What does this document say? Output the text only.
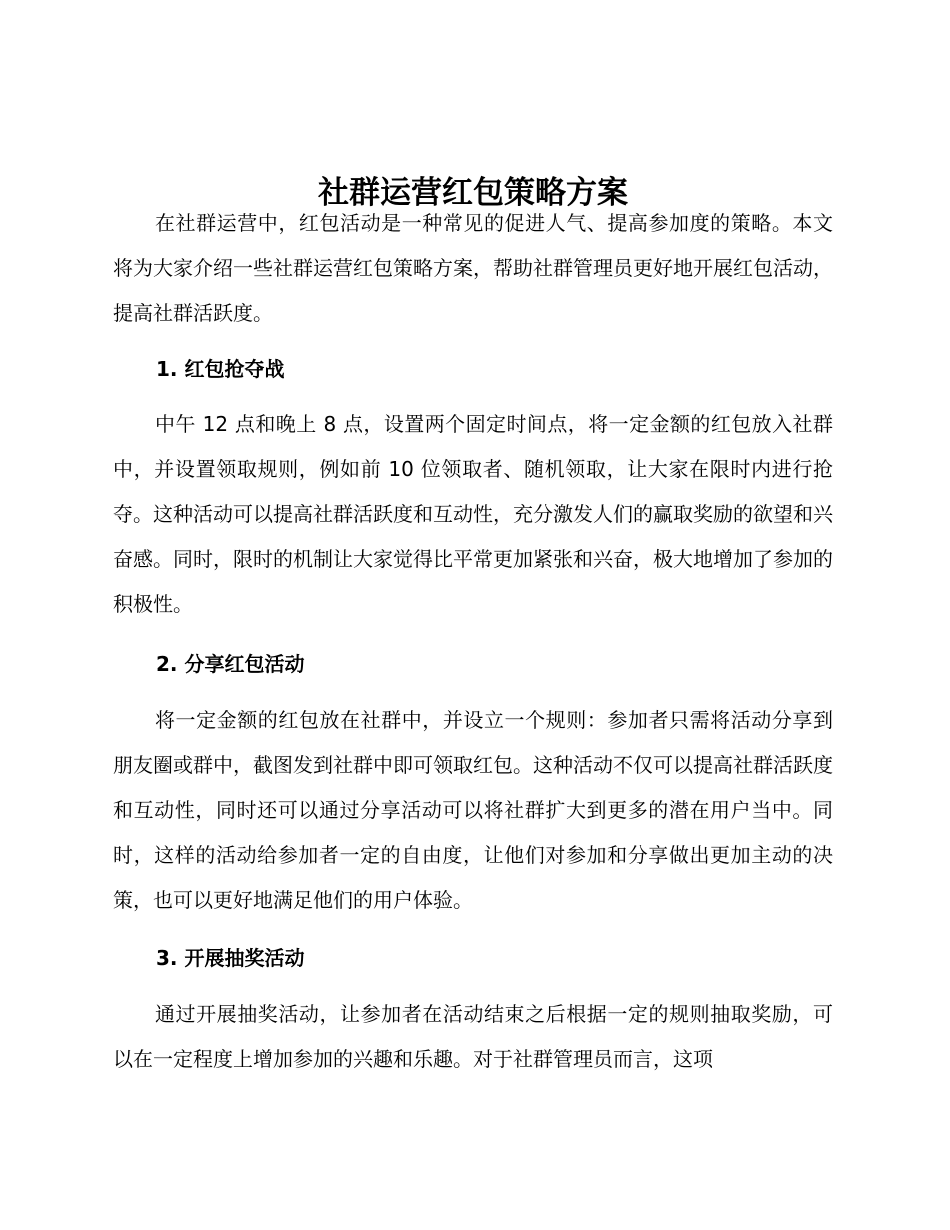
社群运营红包策略方案

在社群运营中，红包活动是一种常见的促进人气、提高参加度的策略。本文将为大家介绍一些社群运营红包策略方案，帮助社群管理员更好地开展红包活动，提高社群活跃度。

1. 红包抢夺战

中午 12 点和晚上 8 点，设置两个固定时间点，将一定金额的红包放入社群中，并设置领取规则，例如前 10 位领取者、随机领取，让大家在限时内进行抢夺。这种活动可以提高社群活跃度和互动性，充分激发人们的赢取奖励的欲望和兴奋感。同时，限时的机制让大家觉得比平常更加紧张和兴奋，极大地增加了参加的积极性。

2. 分享红包活动

将一定金额的红包放在社群中，并设立一个规则：参加者只需将活动分享到朋友圈或群中，截图发到社群中即可领取红包。这种活动不仅可以提高社群活跃度和互动性，同时还可以通过分享活动可以将社群扩大到更多的潜在用户当中。同时，这样的活动给参加者一定的自由度，让他们对参加和分享做出更加主动的决策，也可以更好地满足他们的用户体验。

3. 开展抽奖活动

通过开展抽奖活动，让参加者在活动结束之后根据一定的规则抽取奖励，可以在一定程度上增加参加的兴趣和乐趣。对于社群管理员而言，这项
